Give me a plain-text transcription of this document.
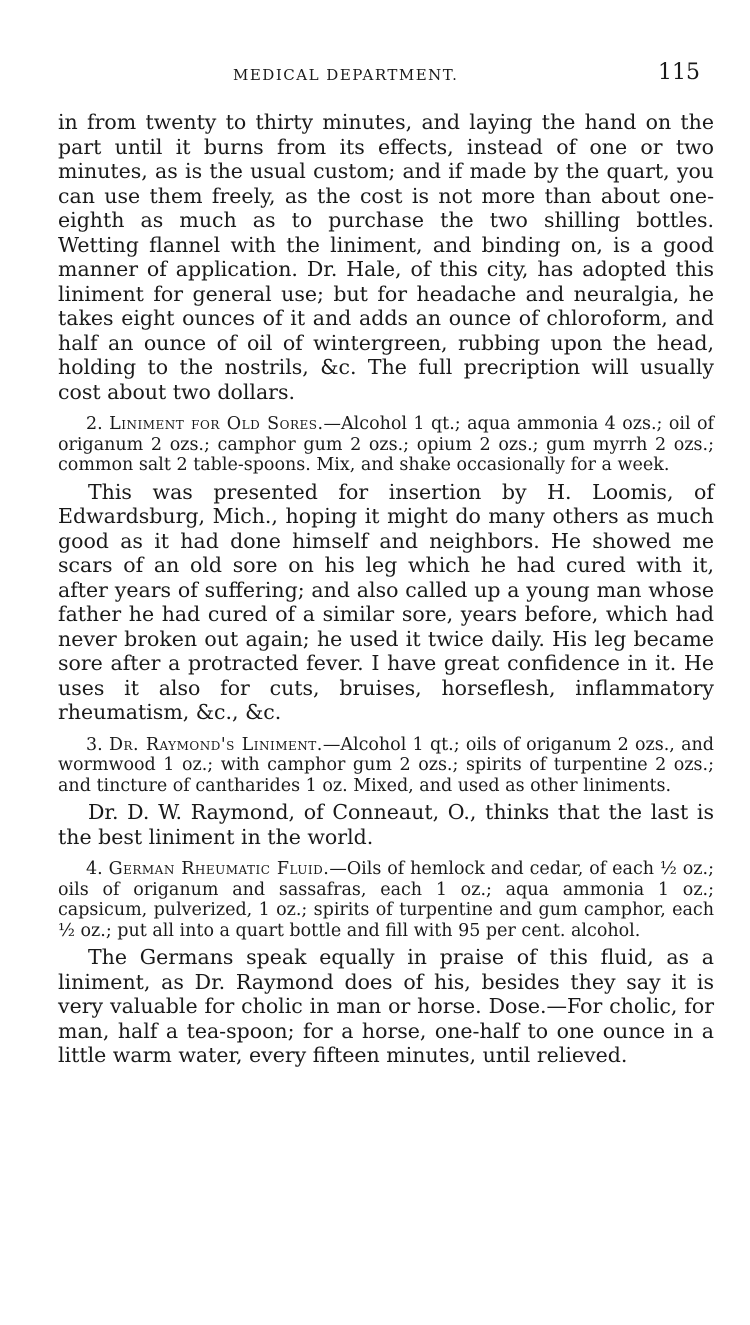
MEDICAL DEPARTMENT.	115

in from twenty to thirty minutes, and laying the hand on the part until it burns from its effects, instead of one or two minutes, as is the usual custom; and if made by the quart, you can use them freely, as the cost is not more than about one-eighth as much as to purchase the two shilling bottles. Wetting flannel with the liniment, and binding on, is a good manner of application. Dr. Hale, of this city, has adopted this liniment for general use; but for headache and neuralgia, he takes eight ounces of it and adds an ounce of chloroform, and half an ounce of oil of wintergreen, rubbing upon the head, holding to the nostrils, &c. The full precription will usually cost about two dollars.

2. Liniment for Old Sores.—Alcohol 1 qt.; aqua ammonia 4 ozs.; oil of origanum 2 ozs.; camphor gum 2 ozs.; opium 2 ozs.; gum myrrh 2 ozs.; common salt 2 table-spoons. Mix, and shake occasionally for a week.

This was presented for insertion by H. Loomis, of Edwardsburg, Mich., hoping it might do many others as much good as it had done himself and neighbors. He showed me scars of an old sore on his leg which he had cured with it, after years of suffering; and also called up a young man whose father he had cured of a similar sore, years before, which had never broken out again; he used it twice daily. His leg became sore after a protracted fever. I have great confidence in it. He uses it also for cuts, bruises, horseflesh, inflammatory rheumatism, &c., &c.

3. Dr. Raymond's Liniment.—Alcohol 1 qt.; oils of origanum 2 ozs., and wormwood 1 oz.; with camphor gum 2 ozs.; spirits of turpentine 2 ozs.; and tincture of cantharides 1 oz. Mixed, and used as other liniments.

Dr. D. W. Raymond, of Conneaut, O., thinks that the last is the best liniment in the world.

4. German Rheumatic Fluid.—Oils of hemlock and cedar, of each ½ oz.; oils of origanum and sassafras, each 1 oz.; aqua ammonia 1 oz.; capsicum, pulverized, 1 oz.; spirits of turpentine and gum camphor, each ½ oz.; put all into a quart bottle and fill with 95 per cent. alcohol.

The Germans speak equally in praise of this fluid, as a liniment, as Dr. Raymond does of his, besides they say it is very valuable for cholic in man or horse. Dose.—For cholic, for man, half a tea-spoon; for a horse, one-half to one ounce in a little warm water, every fifteen minutes, until relieved.
